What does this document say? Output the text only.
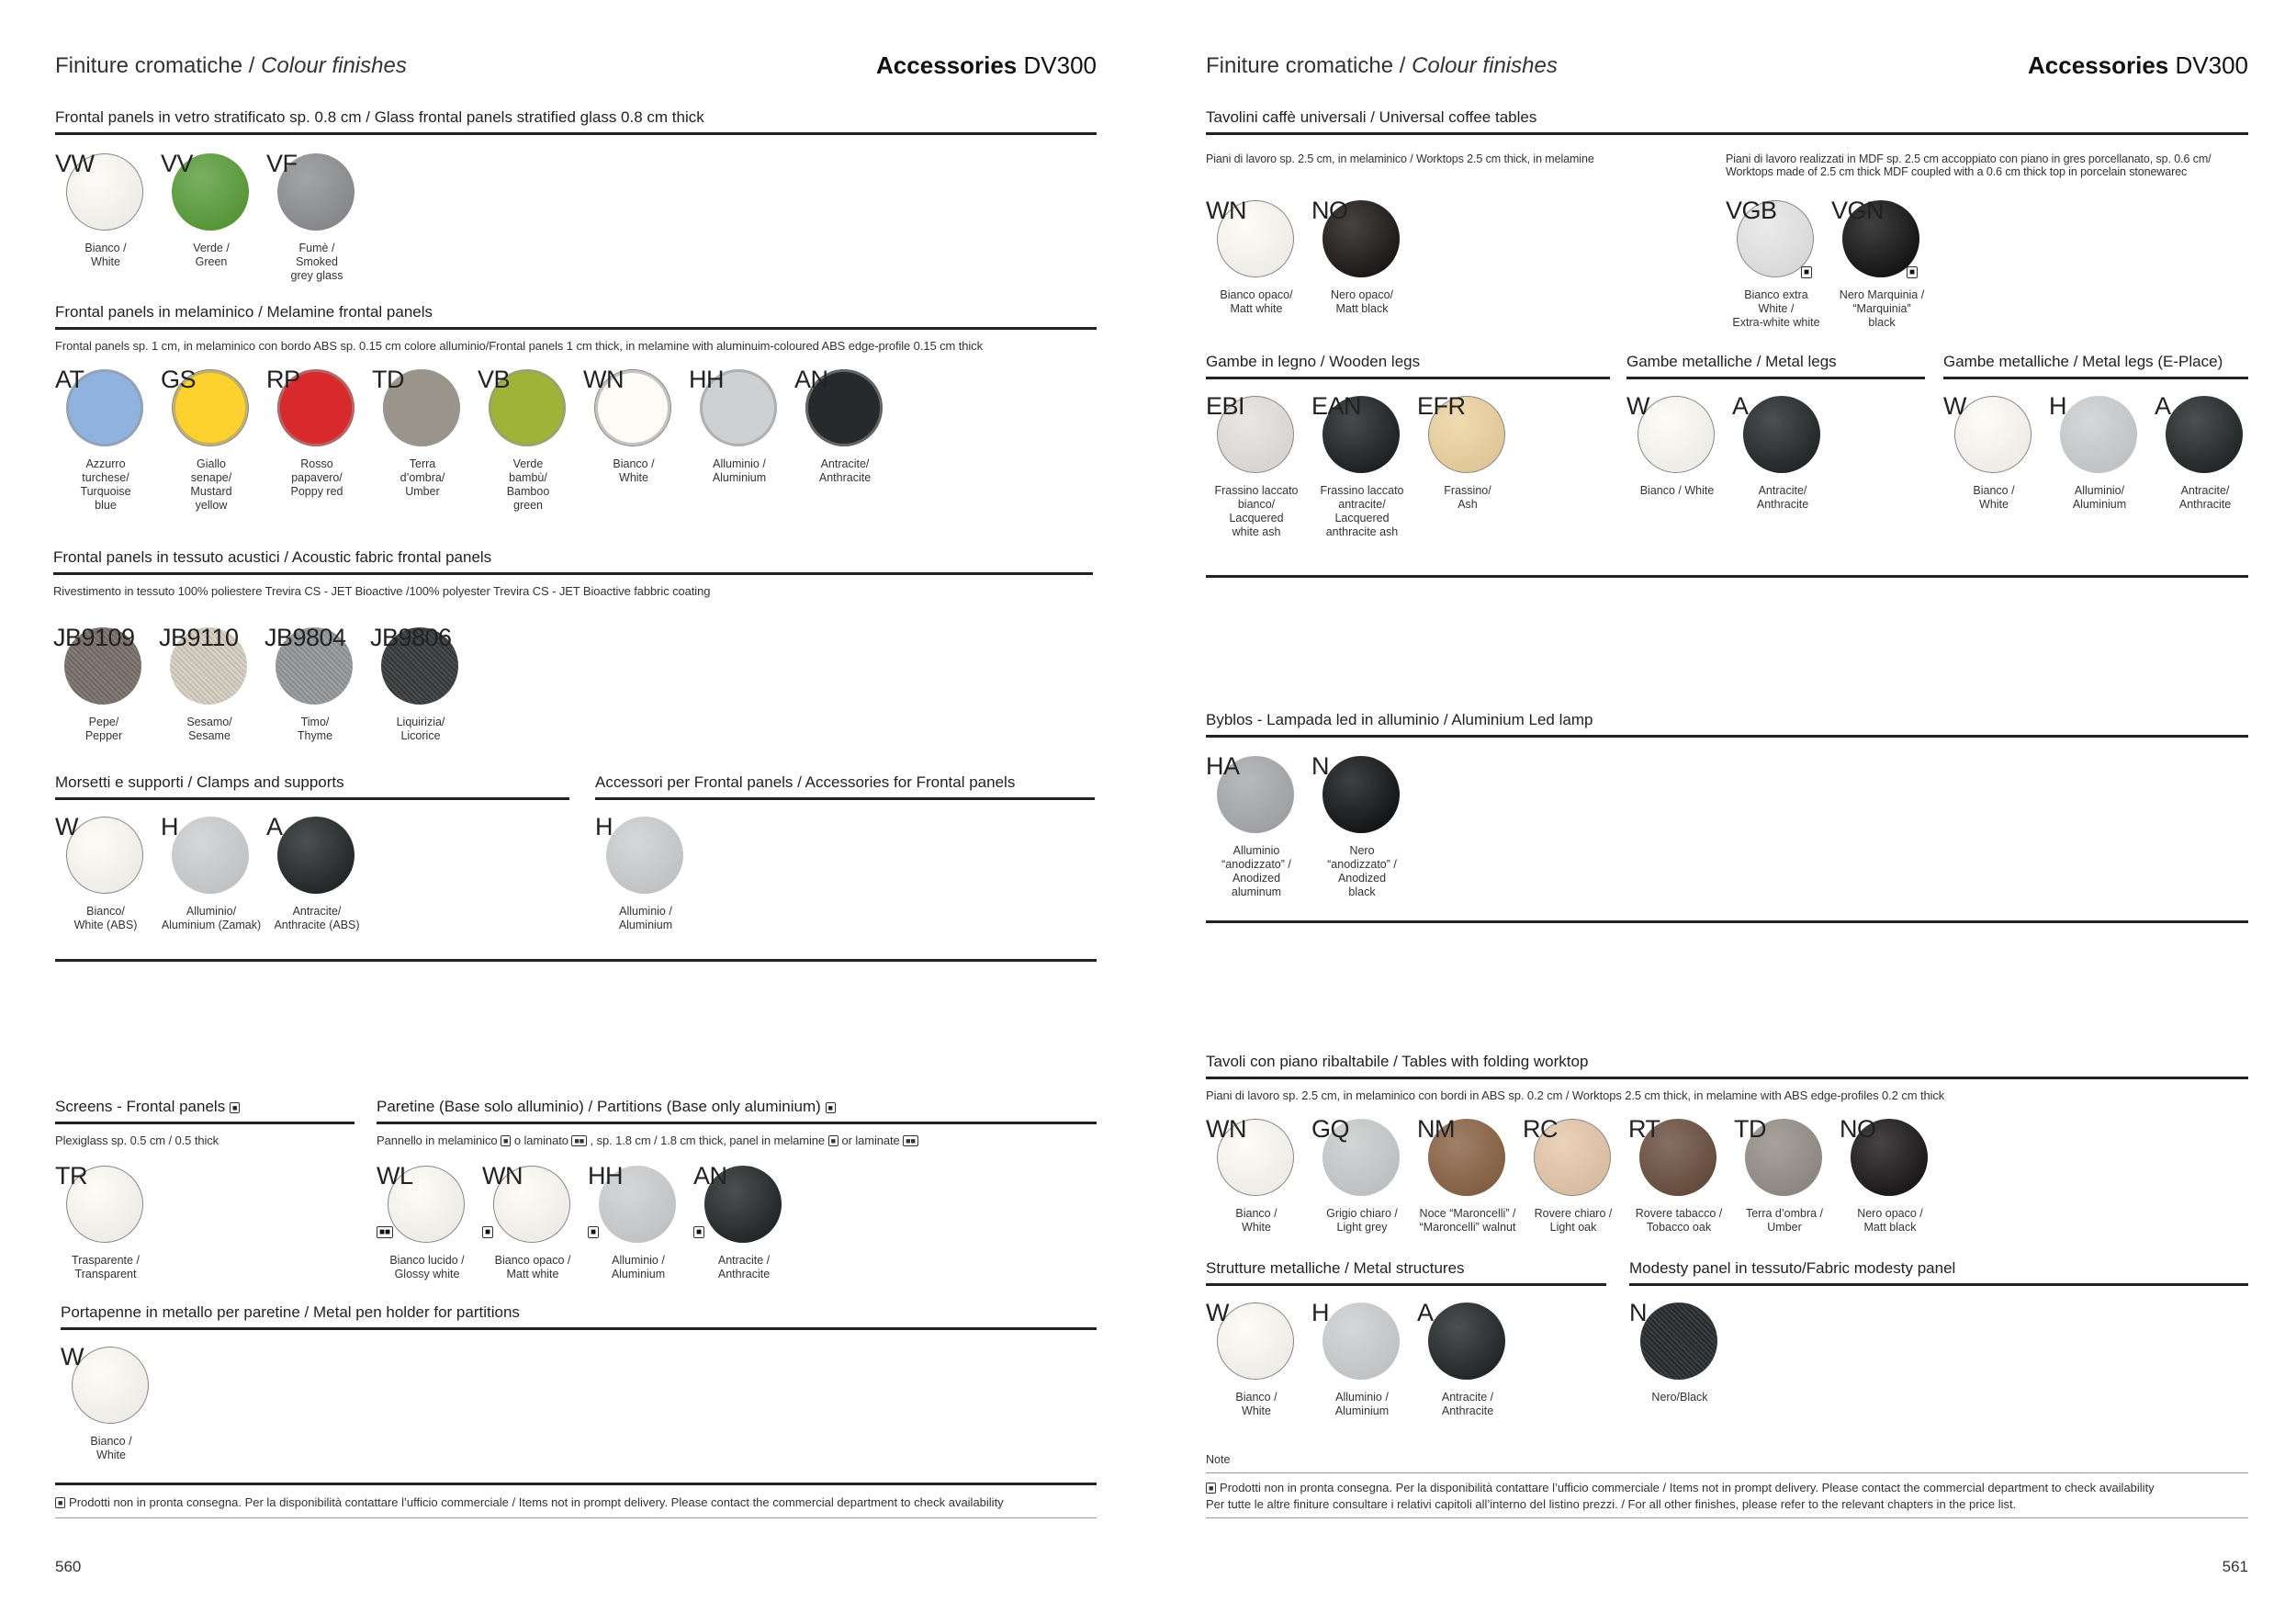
Finiture cromatiche / Colour finishes	Accessories DV300
Frontal panels in vetro stratificato sp. 0.8 cm / Glass frontal panels stratified glass 0.8 cm thick
VW
Bianco /
White
VV
Verde /
Green
VF
Fumè /
Smoked
grey glass
Frontal panels in melaminico / Melamine frontal panels
Frontal panels sp. 1 cm, in melaminico con bordo ABS sp. 0.15 cm colore alluminio/Frontal panels 1 cm thick, in melamine with aluminuim-coloured ABS edge-profile 0.15 cm thick
AT
Azzurro
turchese/
Turquoise
blue
GS
Giallo
senape/
Mustard
yellow
RP
Rosso
papavero/
Poppy red
TD
Terra
d’ombra/
Umber
VB
Verde
bambù/
Bamboo
green
WN
Bianco /
White
HH
Alluminio /
Aluminium
AN
Antracite/
Anthracite
Frontal panels in tessuto acustici / Acoustic fabric frontal panels
Rivestimento in tessuto 100% poliestere Trevira CS - JET Bioactive /100% polyester Trevira CS - JET Bioactive fabbric coating
JB9109
Pepe/
Pepper
JB9110
Sesamo/
Sesame
JB9804
Timo/
Thyme
JB9806
Liquirizia/
Licorice
Morsetti e supporti / Clamps and supports
W
Bianco/
White (ABS)
H
Alluminio/
Aluminium (Zamak)
A
Antracite/
Anthracite (ABS)
Accessori per Frontal panels / Accessories for Frontal panels
H
Alluminio /
Aluminium
Screens - Frontal panels ■
Plexiglass sp. 0.5 cm / 0.5 thick
TR
Trasparente /
Transparent
Paretine (Base solo alluminio) / Partitions (Base only aluminium) ■
Pannello in melaminico ■ o laminato ■■ , sp. 1.8 cm / 1.8 cm thick, panel in melamine ■ or laminate ■■
WL
■■
Bianco lucido /
Glossy white
WN
■
Bianco opaco /
Matt white
HH
■
Alluminio /
Aluminium
AN
■
Antracite /
Anthracite
Portapenne in metallo per paretine / Metal pen holder for partitions
W
Bianco /
White
■ Prodotti non in pronta consegna. Per la disponibilità contattare l’ufficio commerciale / Items not in prompt delivery. Please contact the commercial department to check availability
560
Finiture cromatiche / Colour finishes	Accessories DV300
Tavolini caffè universali / Universal coffee tables
Piani di lavoro sp. 2.5 cm, in melaminico / Worktops 2.5 cm thick, in melamine	Piani di lavoro realizzati in MDF sp. 2.5 cm accoppiato con piano in gres porcellanato, sp. 0.6 cm/
Worktops made of 2.5 cm thick MDF coupled with a 0.6 cm thick top in porcelain stonewarec
WN
Bianco opaco/
Matt white
NO
Nero opaco/
Matt black
VGB
■
Bianco extra
White /
Extra-white white
VGN
■
Nero Marquinia /
“Marquinia”
black
Gambe in legno / Wooden legs
EBI
Frassino laccato
bianco/
Lacquered
white ash
EAN
Frassino laccato
antracite/
Lacquered
anthracite ash
EFR
Frassino/
Ash
Gambe metalliche / Metal legs
W
Bianco / White
A
Antracite/
Anthracite
Gambe metalliche / Metal legs (E-Place)
W
Bianco /
White
H
Alluminio/
Aluminium
A
Antracite/
Anthracite
Byblos - Lampada led in alluminio / Aluminium Led lamp
HA
Alluminio
“anodizzato” /
Anodized
aluminum
N
Nero
“anodizzato” /
Anodized
black
Tavoli con piano ribaltabile / Tables with folding worktop
Piani di lavoro sp. 2.5 cm, in melaminico con bordi in ABS sp. 0.2 cm / Worktops 2.5 cm thick, in melamine with ABS edge-profiles 0.2 cm thick
WN
Bianco /
White
GQ
Grigio chiaro /
Light grey
NM
Noce “Maroncelli” /
“Maroncelli” walnut
RC
Rovere chiaro /
Light oak
RT
Rovere tabacco /
Tobacco oak
TD
Terra d’ombra /
Umber
NO
Nero opaco /
Matt black
Strutture metalliche / Metal structures
W
Bianco /
White
H
Alluminio /
Aluminium
A
Antracite /
Anthracite
Modesty panel in tessuto/Fabric modesty panel
N
Nero/Black
Note
■ Prodotti non in pronta consegna. Per la disponibilità contattare l’ufficio commerciale / Items not in prompt delivery. Please contact the commercial department to check availability
Per tutte le altre finiture consultare i relativi capitoli all’interno del listino prezzi. / For all other finishes, please refer to the relevant chapters in the price list.
561
